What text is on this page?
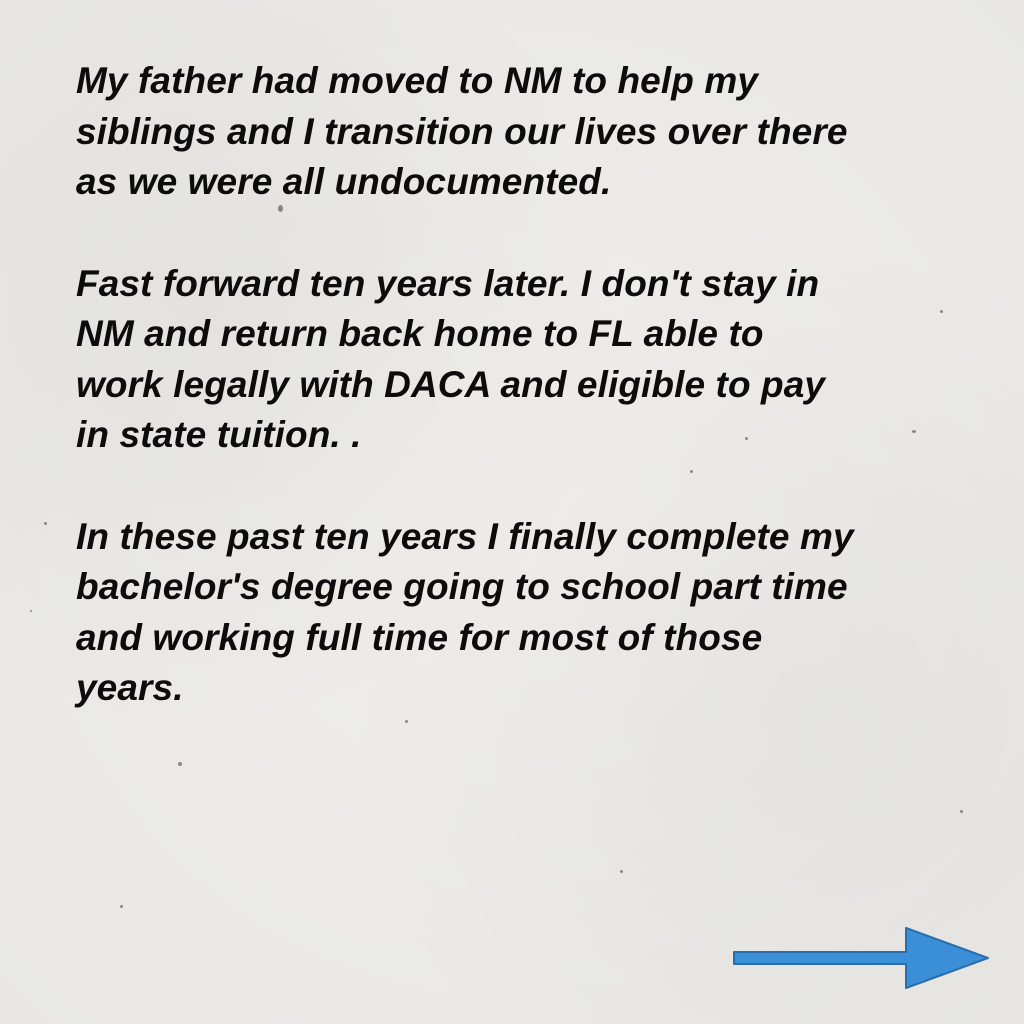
My father had moved to NM to help my
siblings and I transition our lives over there
as we were all undocumented.

Fast forward ten years later. I don't stay in
NM and return back home to FL able to
work legally with DACA and eligible to pay
in state tuition. .

In these past ten years I finally complete my
bachelor's degree going to school part time
and working full time for most of those
years.
